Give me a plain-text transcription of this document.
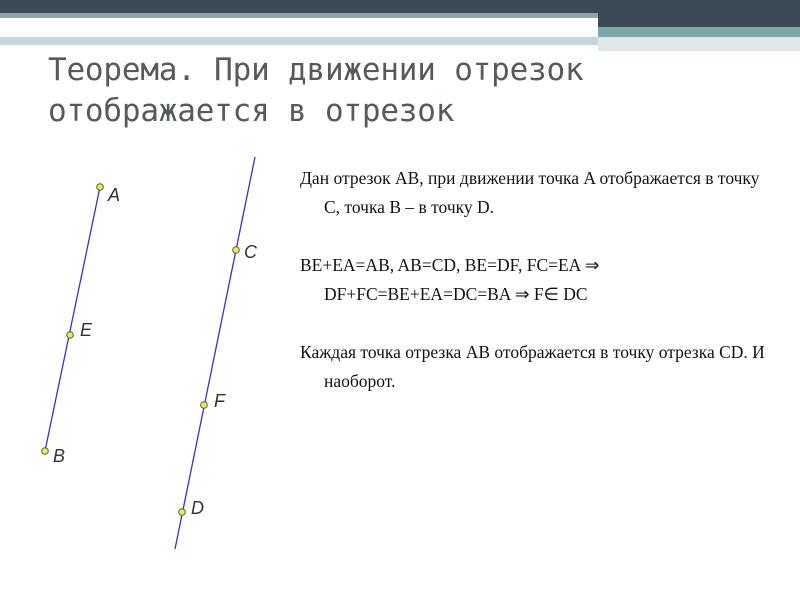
Теорема. При движении отрезок
отображается в отрезок
A
E
B
C
F
D

Дан отрезок AB, при движении точка A отображается в точку C, точка B – в точку D.

BE+EA=AB, AB=CD, BE=DF, FC=EA ⇒ DF+FC=BE+EA=DC=BA ⇒ F∈ DC

Каждая точка отрезка AB отображается в точку отрезка CD. И наоборот.
